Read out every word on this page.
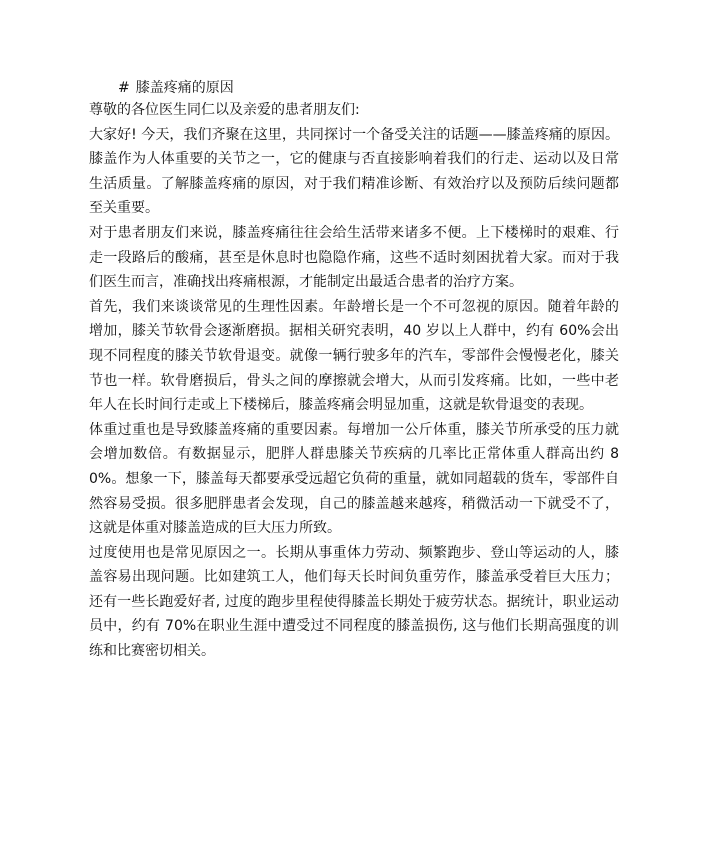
# 膝盖疼痛的原因

尊敬的各位医生同仁以及亲爱的患者朋友们:

大家好! 今天，我们齐聚在这里，共同探讨一个备受关注的话题——膝盖疼痛的原因。膝盖作为人体重要的关节之一，它的健康与否直接影响着我们的行走、运动以及日常生活质量。了解膝盖疼痛的原因，对于我们精准诊断、有效治疗以及预防后续问题都至关重要。

对于患者朋友们来说，膝盖疼痛往往会给生活带来诸多不便。上下楼梯时的艰难、行走一段路后的酸痛，甚至是休息时也隐隐作痛，这些不适时刻困扰着大家。而对于我们医生而言，准确找出疼痛根源，才能制定出最适合患者的治疗方案。

首先，我们来谈谈常见的生理性因素。年龄增长是一个不可忽视的原因。随着年龄的增加，膝关节软骨会逐渐磨损。据相关研究表明，40 岁以上人群中，约有 60%会出现不同程度的膝关节软骨退变。就像一辆行驶多年的汽车，零部件会慢慢老化，膝关节也一样。软骨磨损后，骨头之间的摩擦就会增大，从而引发疼痛。比如，一些中老年人在长时间行走或上下楼梯后，膝盖疼痛会明显加重，这就是软骨退变的表现。

体重过重也是导致膝盖疼痛的重要因素。每增加一公斤体重，膝关节所承受的压力就会增加数倍。有数据显示，肥胖人群患膝关节疾病的几率比正常体重人群高出约 80%。想象一下，膝盖每天都要承受远超它负荷的重量，就如同超载的货车，零部件自然容易受损。很多肥胖患者会发现，自己的膝盖越来越疼，稍微活动一下就受不了，这就是体重对膝盖造成的巨大压力所致。

过度使用也是常见原因之一。长期从事重体力劳动、频繁跑步、登山等运动的人，膝盖容易出现问题。比如建筑工人，他们每天长时间负重劳作，膝盖承受着巨大压力；还有一些长跑爱好者, 过度的跑步里程使得膝盖长期处于疲劳状态。据统计，职业运动员中，约有 70%在职业生涯中遭受过不同程度的膝盖损伤, 这与他们长期高强度的训练和比赛密切相关。
